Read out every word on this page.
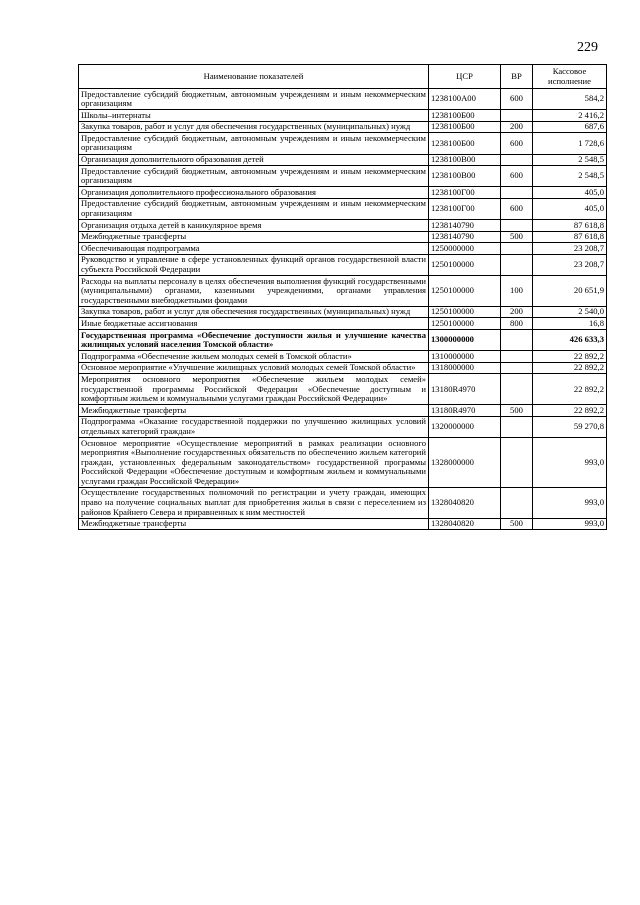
229
Наименование показателей	ЦСР	ВР	Кассовое исполнение
Предоставление субсидий бюджетным, автономным учреждениям и иным некоммерческим организациям	1238100А00	600	584,2
Школы–интернаты	1238100Б00		2 416,2
Закупка товаров, работ и услуг для обеспечения государственных (муниципальных) нужд	1238100Б00	200	687,6
Предоставление субсидий бюджетным, автономным учреждениям и иным некоммерческим организациям	1238100Б00	600	1 728,6
Организация дополнительного образования детей	1238100В00		2 548,5
Предоставление субсидий бюджетным, автономным учреждениям и иным некоммерческим организациям	1238100В00	600	2 548,5
Организация дополнительного профессионального образования	1238100Г00		405,0
Предоставление субсидий бюджетным, автономным учреждениям и иным некоммерческим организациям	1238100Г00	600	405,0
Организация отдыха детей в каникулярное время	1238140790		87 618,8
Межбюджетные трансферты	1238140790	500	87 618,8
Обеспечивающая подпрограмма	1250000000		23 208,7
Руководство и управление в сфере установленных функций органов государственной власти субъекта Российской Федерации	1250100000		23 208,7
Расходы на выплаты персоналу в целях обеспечения выполнения функций государственными (муниципальными) органами, казенными учреждениями, органами управления государственными внебюджетными фондами	1250100000	100	20 651,9
Закупка товаров, работ и услуг для обеспечения государственных (муниципальных) нужд	1250100000	200	2 540,0
Иные бюджетные ассигнования	1250100000	800	16,8
Государственная программа «Обеспечение доступности жилья и улучшение качества жилищных условий населения Томской области»	1300000000		426 633,3
Подпрограмма «Обеспечение жильем молодых семей в Томской области»	1310000000		22 892,2
Основное мероприятие «Улучшение жилищных условий молодых семей Томской области»	1318000000		22 892,2
Мероприятия основного мероприятия «Обеспечение жильем молодых семей» государственной программы Российской Федерации «Обеспечение доступным и комфортным жильем и коммунальными услугами граждан Российской Федерации»	13180R4970		22 892,2
Межбюджетные трансферты	13180R4970	500	22 892,2
Подпрограмма «Оказание государственной поддержки по улучшению жилищных условий отдельных категорий граждан»	1320000000		59 270,8
Основное мероприятие «Осуществление мероприятий в рамках реализации основного мероприятия «Выполнение государственных обязательств по обеспечению жильем категорий граждан, установленных федеральным законодательством» государственной программы Российской Федерации «Обеспечение доступным и комфортным жильем и коммунальными услугами граждан Российской Федерации»	1328000000		993,0
Осуществление государственных полномочий по регистрации и учету граждан, имеющих право на получение социальных выплат для приобретения жилья в связи с переселением из районов Крайнего Севера и приравненных к ним местностей	1328040820		993,0
Межбюджетные трансферты	1328040820	500	993,0
